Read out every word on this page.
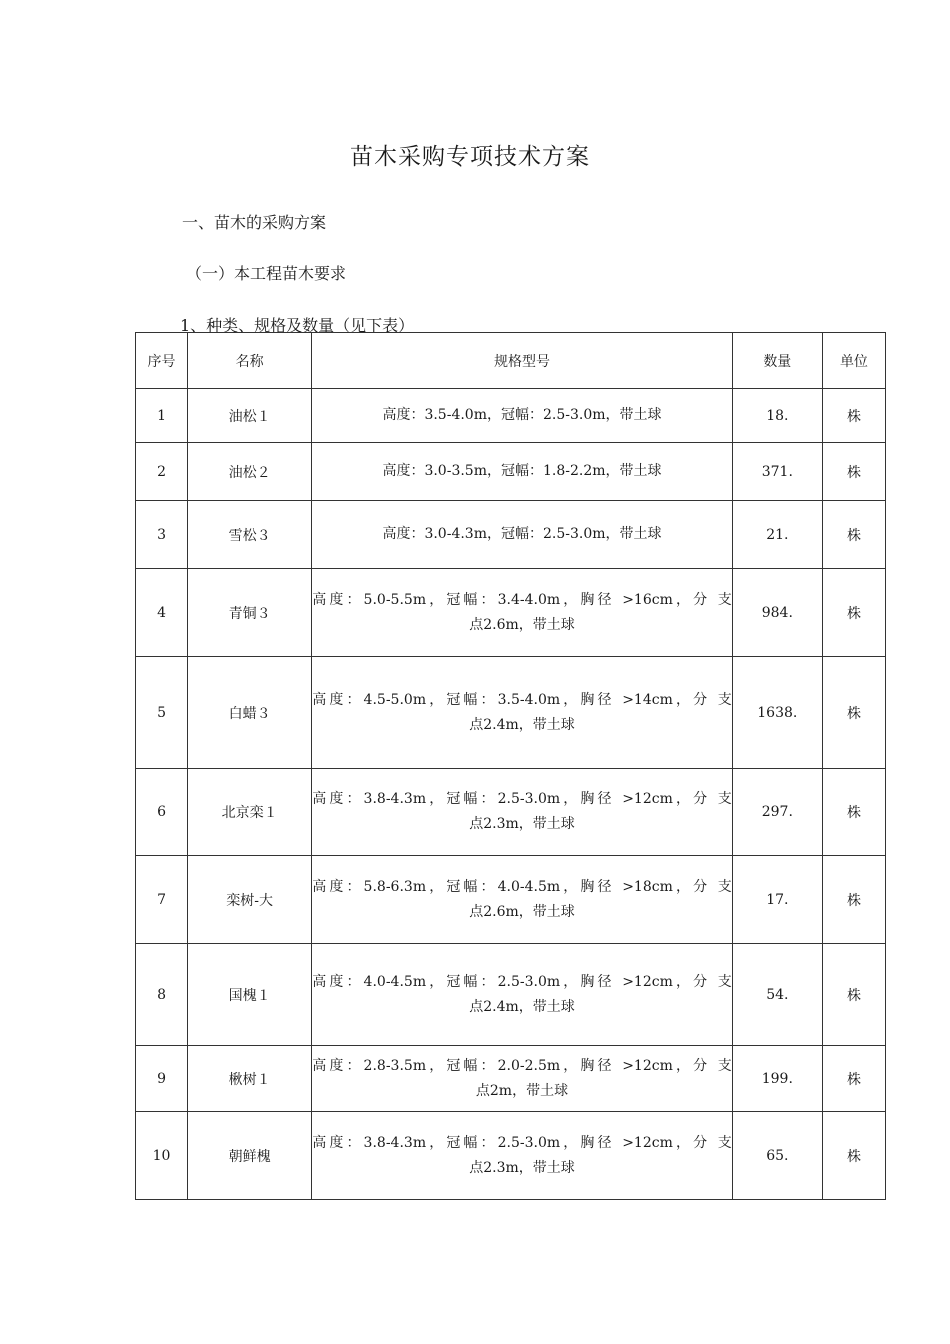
苗木采购专项技术方案
一、苗木的采购方案
（一）本工程苗木要求
1、种类、规格及数量（见下表）
序号	名称	规格型号	数量	单位
1	油松１	高度：3.5-4.0m，冠幅：2.5-3.0m，带土球	18.	株
2	油松２	高度：3.0-3.5m，冠幅：1.8-2.2m，带土球	371.	株
3	雪松３	高度：3.0-4.3m，冠幅：2.5-3.0m，带土球	21.	株
4	青铜３	高度：5.0-5.5m，冠幅：3.4-4.0m，胸径 >16cm，分 支
点2.6m，带土球	984.	株
5	白蜡３	高度：4.5-5.0m，冠幅：3.5-4.0m，胸径 >14cm，分 支
点2.4m，带土球	1638.	株
6	北京栾１	高度：3.8-4.3m，冠幅：2.5-3.0m，胸径 >12cm，分 支
点2.3m，带土球	297.	株
7	栾树-大	高度：5.8-6.3m，冠幅：4.0-4.5m，胸径 >18cm，分 支
点2.6m，带土球	17.	株
8	国槐１	高度：4.0-4.5m，冠幅：2.5-3.0m，胸径 >12cm，分 支
点2.4m，带土球	54.	株
9	楸树１	高度：2.8-3.5m，冠幅：2.0-2.5m，胸径 >12cm，分 支
点2m，带土球	199.	株
10	朝鲜槐	高度：3.8-4.3m，冠幅：2.5-3.0m，胸径 >12cm，分 支
点2.3m，带土球	65.	株
